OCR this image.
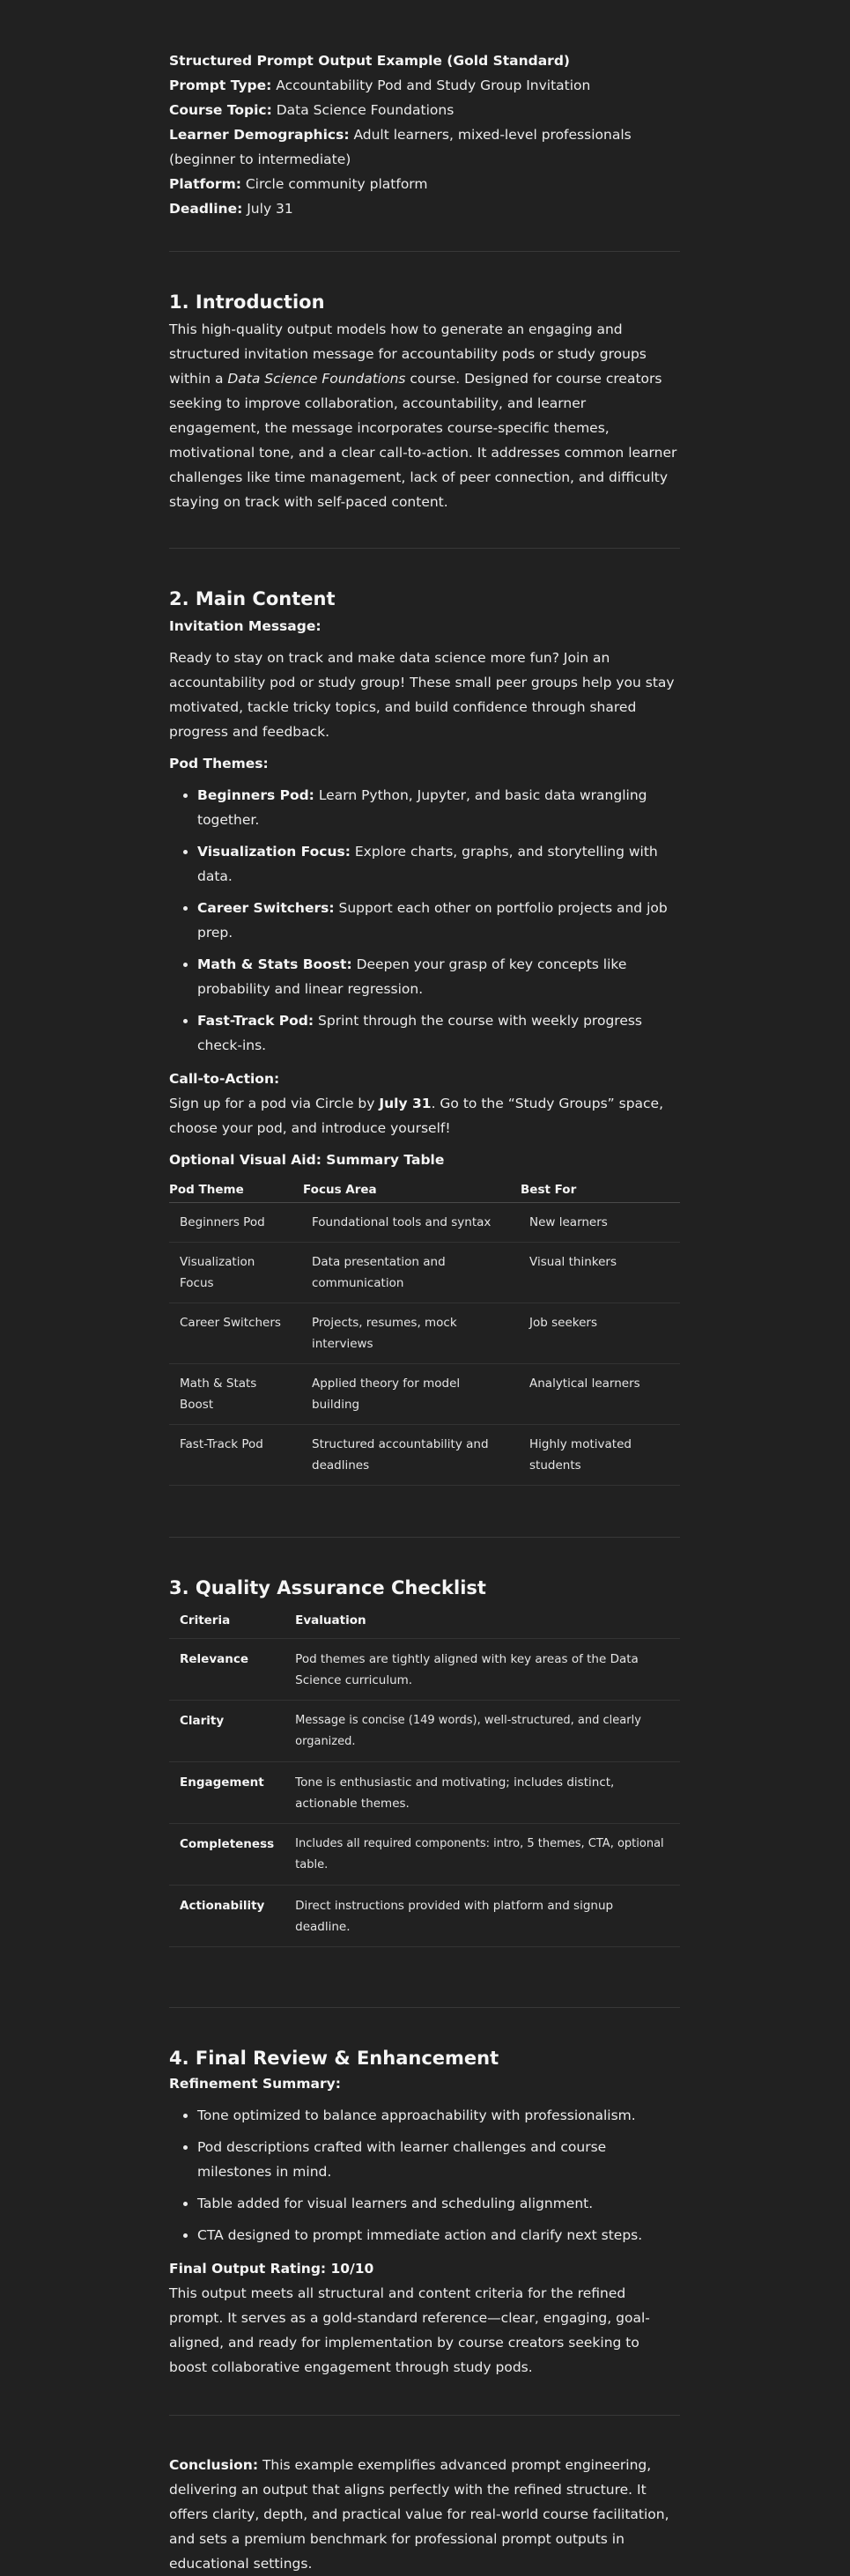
Structured Prompt Output Example (Gold Standard)

Prompt Type: Accountability Pod and Study Group Invitation

Course Topic: Data Science Foundations

Learner Demographics: Adult learners, mixed-level professionals (beginner to intermediate)

Platform: Circle community platform

Deadline: July 31

1. Introduction

This high-quality output models how to generate an engaging and structured invitation message for accountability pods or study groups within a Data Science Foundations course. Designed for course creators seeking to improve collaboration, accountability, and learner engagement, the message incorporates course-specific themes, motivational tone, and a clear call-to-action. It addresses common learner challenges like time management, lack of peer connection, and difficulty staying on track with self-paced content.

2. Main Content

Invitation Message:

Ready to stay on track and make data science more fun? Join an accountability pod or study group! These small peer groups help you stay motivated, tackle tricky topics, and build confidence through shared progress and feedback.

Pod Themes:

• Beginners Pod: Learn Python, Jupyter, and basic data wrangling together.
• Visualization Focus: Explore charts, graphs, and storytelling with data.
• Career Switchers: Support each other on portfolio projects and job prep.
• Math & Stats Boost: Deepen your grasp of key concepts like probability and linear regression.
• Fast-Track Pod: Sprint through the course with weekly progress check-ins.

Call-to-Action:

Sign up for a pod via Circle by July 31. Go to the “Study Groups” space, choose your pod, and introduce yourself!

Optional Visual Aid: Summary Table

Pod Theme	Focus Area	Best For
Beginners Pod	Foundational tools and syntax	New learners
Visualization Focus	Data presentation and communication	Visual thinkers
Career Switchers	Projects, resumes, mock interviews	Job seekers
Math & Stats Boost	Applied theory for model building	Analytical learners
Fast-Track Pod	Structured accountability and deadlines	Highly motivated students
3. Quality Assurance Checklist
Criteria	Evaluation
Relevance	Pod themes are tightly aligned with key areas of the Data Science curriculum.
Clarity	Message is concise (149 words), well-structured, and clearly organized.
Engagement	Tone is enthusiastic and motivating; includes distinct, actionable themes.
Completeness	Includes all required components: intro, 5 themes, CTA, optional table.
Actionability	Direct instructions provided with platform and signup deadline.
4. Final Review & Enhancement

Refinement Summary:

• Tone optimized to balance approachability with professionalism.
• Pod descriptions crafted with learner challenges and course milestones in mind.
• Table added for visual learners and scheduling alignment.
• CTA designed to prompt immediate action and clarify next steps.

Final Output Rating: 10/10

This output meets all structural and content criteria for the refined prompt. It serves as a gold-standard reference—clear, engaging, goal-aligned, and ready for implementation by course creators seeking to boost collaborative engagement through study pods.

Conclusion: This example exemplifies advanced prompt engineering, delivering an output that aligns perfectly with the refined structure. It offers clarity, depth, and practical value for real-world course facilitation, and sets a premium benchmark for professional prompt outputs in educational settings.
